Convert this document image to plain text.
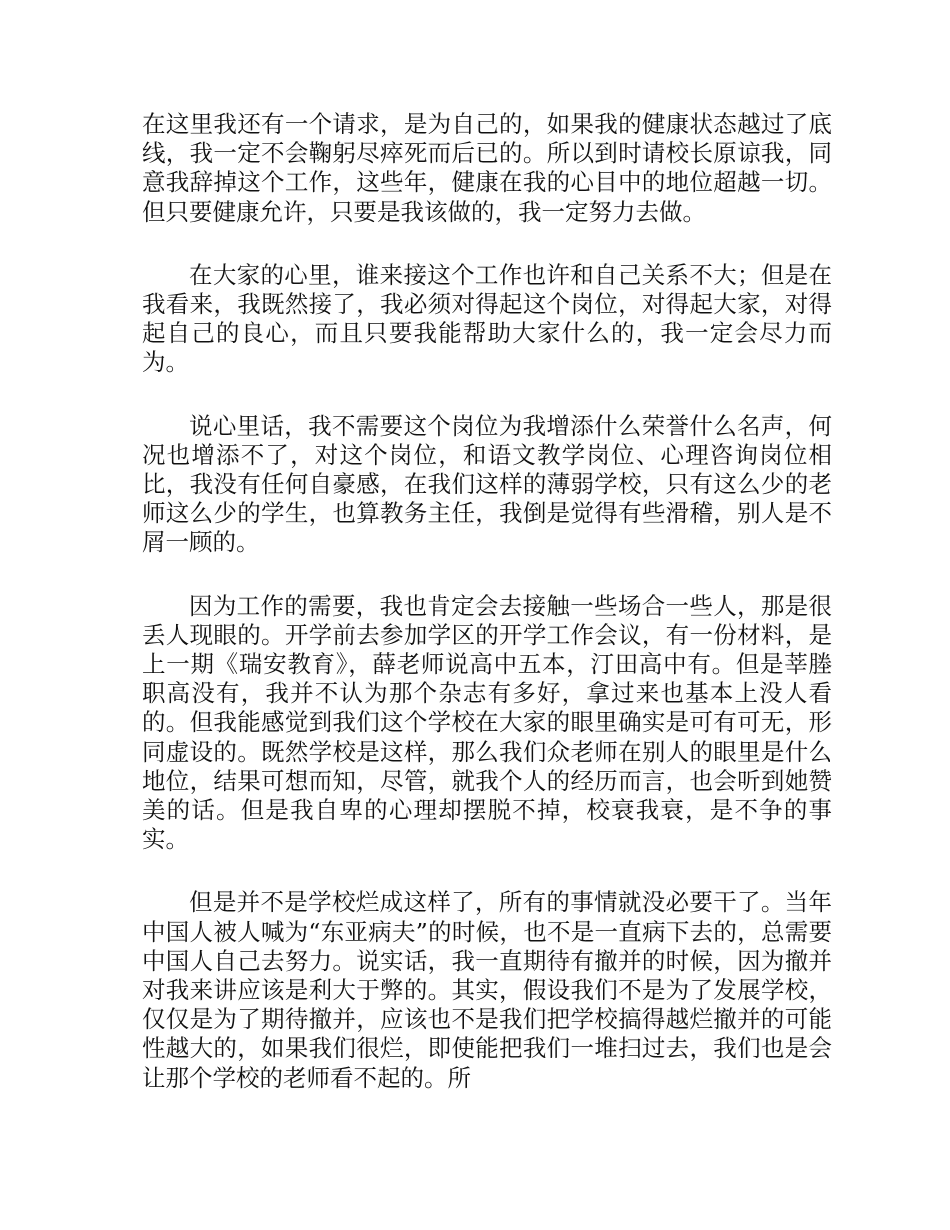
在这里我还有一个请求，是为自己的，如果我的健康状态越过了底线，我一定不会鞠躬尽瘁死而后已的。所以到时请校长原谅我，同意我辞掉这个工作，这些年，健康在我的心目中的地位超越一切。但只要健康允许，只要是我该做的，我一定努力去做。

在大家的心里，谁来接这个工作也许和自己关系不大；但是在我看来，我既然接了，我必须对得起这个岗位，对得起大家，对得起自己的良心，而且只要我能帮助大家什么的，我一定会尽力而为。

说心里话，我不需要这个岗位为我增添什么荣誉什么名声，何况也增添不了，对这个岗位，和语文教学岗位、心理咨询岗位相比，我没有任何自豪感，在我们这样的薄弱学校，只有这么少的老师这么少的学生，也算教务主任，我倒是觉得有些滑稽，别人是不屑一顾的。

因为工作的需要，我也肯定会去接触一些场合一些人，那是很丢人现眼的。开学前去参加学区的开学工作会议，有一份材料，是上一期《瑞安教育》，薛老师说高中五本，汀田高中有。但是莘塍职高没有，我并不认为那个杂志有多好，拿过来也基本上没人看的。但我能感觉到我们这个学校在大家的眼里确实是可有可无，形同虚设的。既然学校是这样，那么我们众老师在别人的眼里是什么地位，结果可想而知，尽管，就我个人的经历而言，也会听到她赞美的话。但是我自卑的心理却摆脱不掉，校衰我衰，是不争的事实。

但是并不是学校烂成这样了，所有的事情就没必要干了。当年中国人被人喊为“东亚病夫”的时候，也不是一直病下去的，总需要中国人自己去努力。说实话，我一直期待有撤并的时候，因为撤并对我来讲应该是利大于弊的。其实，假设我们不是为了发展学校，仅仅是为了期待撤并，应该也不是我们把学校搞得越烂撤并的可能性越大的，如果我们很烂，即使能把我们一堆扫过去，我们也是会让那个学校的老师看不起的。所
